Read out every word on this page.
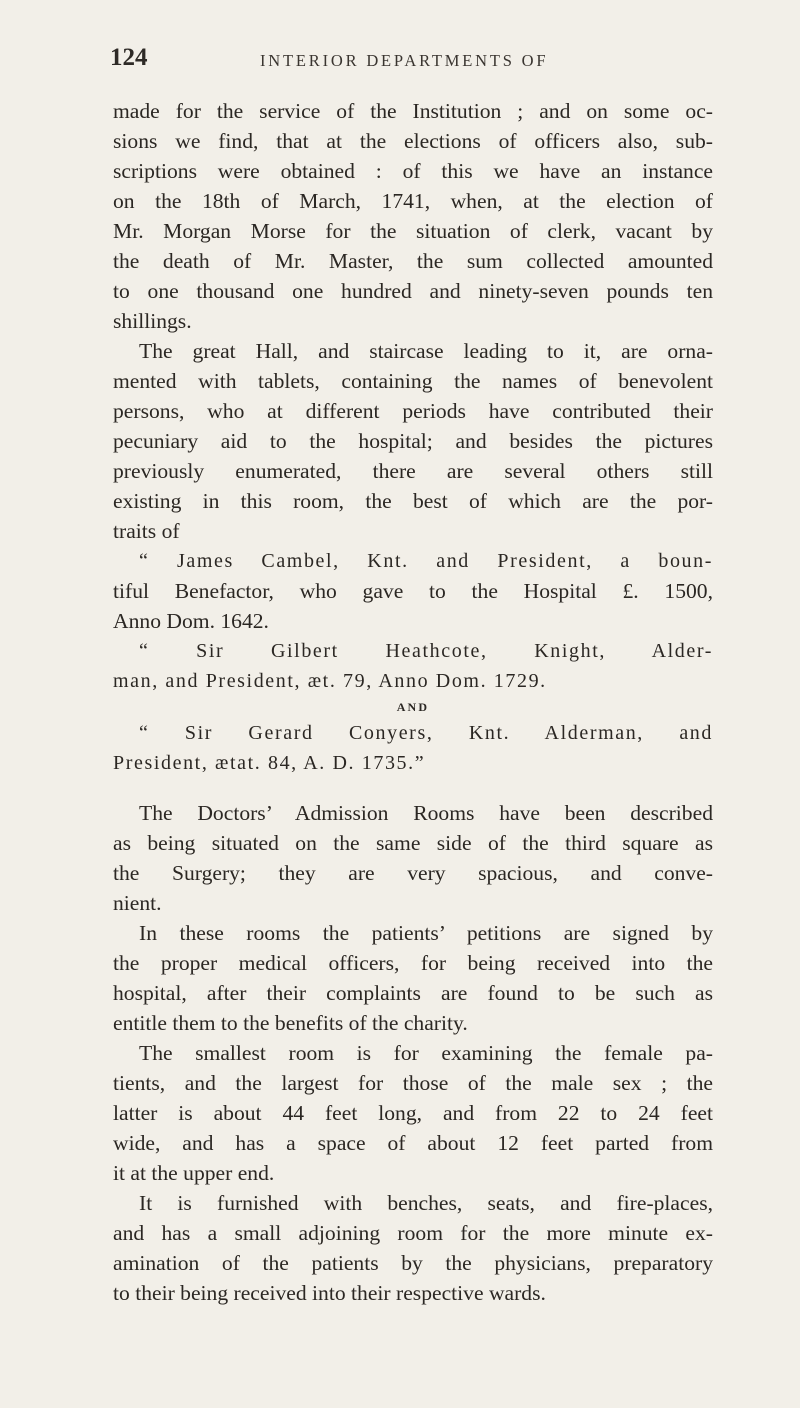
124	INTERIOR DEPARTMENTS OF
made for the service of the Institution ; and on some oc-
sions we find, that at the elections of officers also, sub-
scriptions were obtained : of this we have an instance
on the 18th of March, 1741, when, at the election of
Mr. Morgan Morse for the situation of clerk, vacant by
the death of Mr. Master, the sum collected amounted
to one thousand one hundred and ninety-seven pounds ten
shillings.
The great Hall, and staircase leading to it, are orna-
mented with tablets, containing the names of benevolent
persons, who at different periods have contributed their
pecuniary aid to the hospital; and besides the pictures
previously enumerated, there are several others still
existing in this room, the best of which are the por-
traits of
“ James Cambel, Knt. and President, a boun-
tiful Benefactor, who gave to the Hospital £. 1500,
Anno Dom. 1642.
“ Sir Gilbert Heathcote, Knight, Alder-
man, and President, æt. 79, Anno Dom. 1729.
AND
“ Sir Gerard Conyers, Knt. Alderman, and
President, ætat. 84, A. D. 1735.”
The Doctors’ Admission Rooms have been described
as being situated on the same side of the third square as
the Surgery; they are very spacious, and conve-
nient.
In these rooms the patients’ petitions are signed by
the proper medical officers, for being received into the
hospital, after their complaints are found to be such as
entitle them to the benefits of the charity.
The smallest room is for examining the female pa-
tients, and the largest for those of the male sex ; the
latter is about 44 feet long, and from 22 to 24 feet
wide, and has a space of about 12 feet parted from
it at the upper end.
It is furnished with benches, seats, and fire-places,
and has a small adjoining room for the more minute ex-
amination of the patients by the physicians, preparatory
to their being received into their respective wards.
